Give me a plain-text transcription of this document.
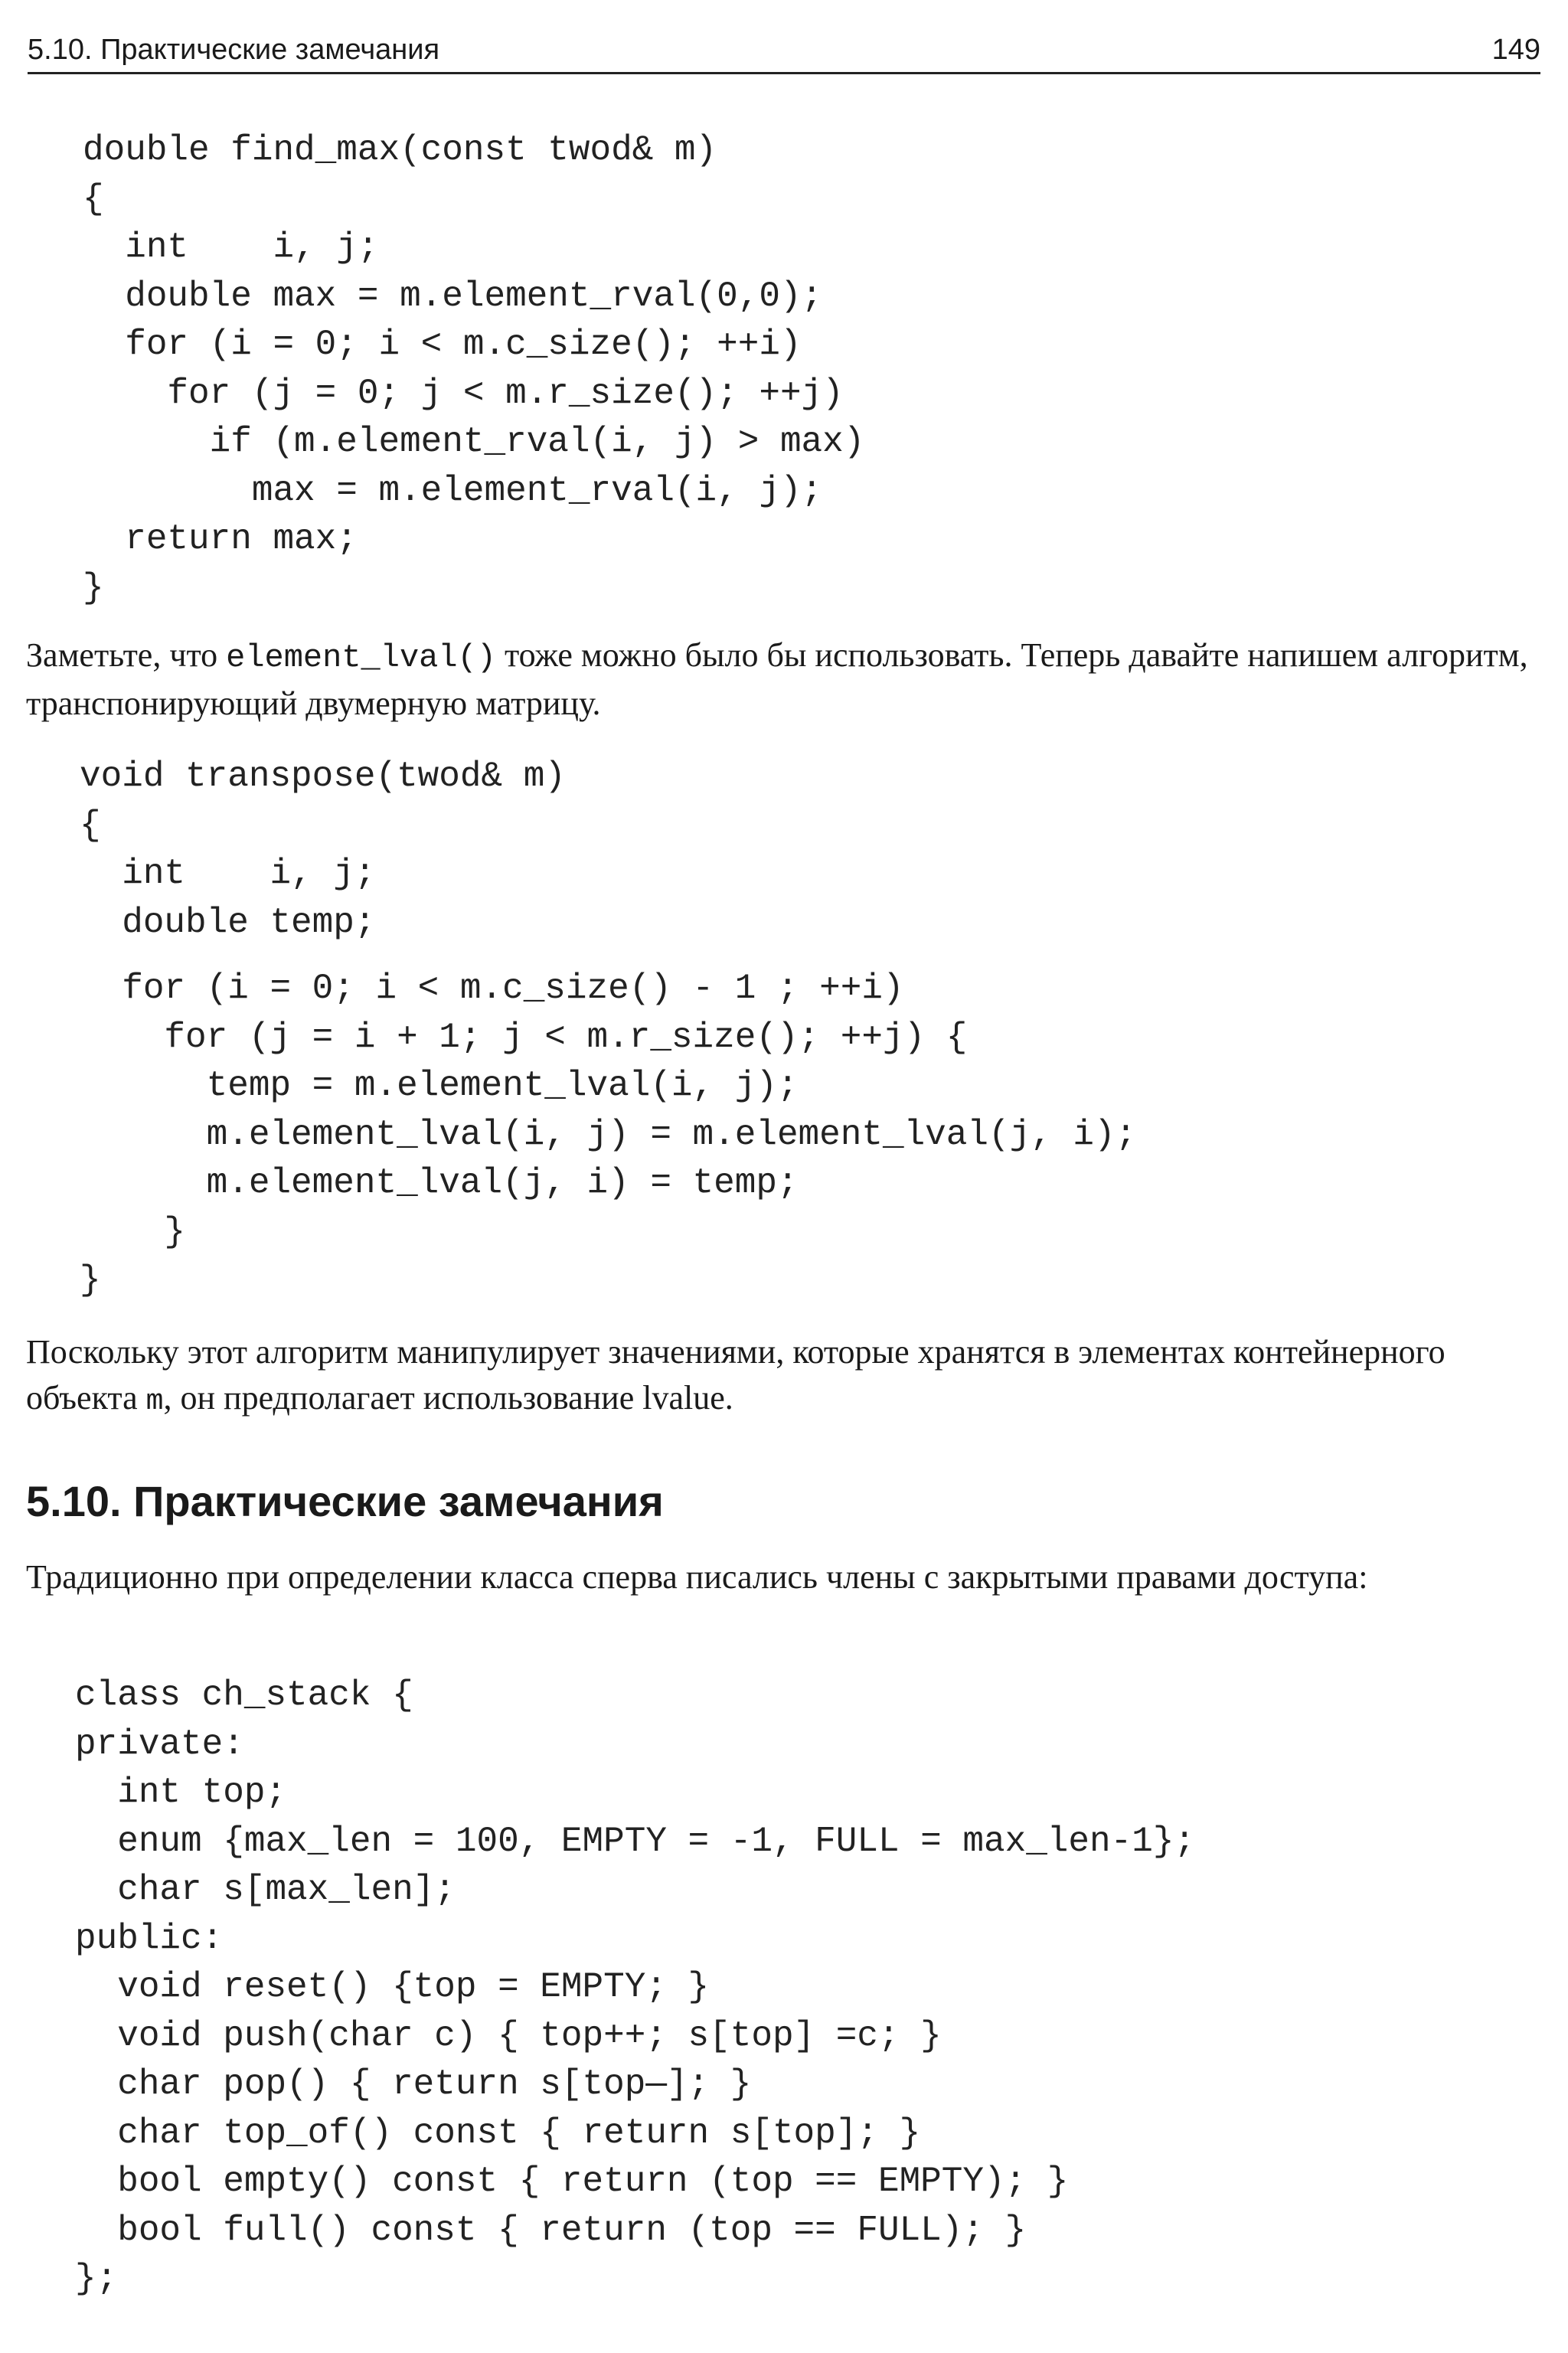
5.10. Практические замечания	149
double find_max(const twod& m)
{
int    i, j;
double max = m.element_rval(0,0);
for (i = 0; i < m.c_size(); ++i)
for (j = 0; j < m.r_size(); ++j)
if (m.element_rval(i, j) > max)
max = m.element_rval(i, j);
return max;
}
Заметьте, что element_lval() тоже можно было бы использовать. Теперь давайте напишем алгоритм, транспонирующий двумерную матрицу.
void transpose(twod& m)
{
int    i, j;
double temp;
for (i = 0; i < m.c_size() - 1 ; ++i)
for (j = i + 1; j < m.r_size(); ++j) {
temp = m.element_lval(i, j);
m.element_lval(i, j) = m.element_lval(j, i);
m.element_lval(j, i) = temp;
}
}
Поскольку этот алгоритм манипулирует значениями, которые хранятся в элементах контейнерного объекта m, он предполагает использование lvalue.
5.10. Практические замечания
Традиционно при определении класса сперва писались члены с закрытыми правами доступа:
class ch_stack {
private:
int top;
enum {max_len = 100, EMPTY = -1, FULL = max_len-1};
char s[max_len];
public:
void reset() {top = EMPTY; }
void push(char c) { top++; s[top] =c; }
char pop() { return s[top—]; }
char top_of() const { return s[top]; }
bool empty() const { return (top == EMPTY); }
bool full() const { return (top == FULL); }
};
